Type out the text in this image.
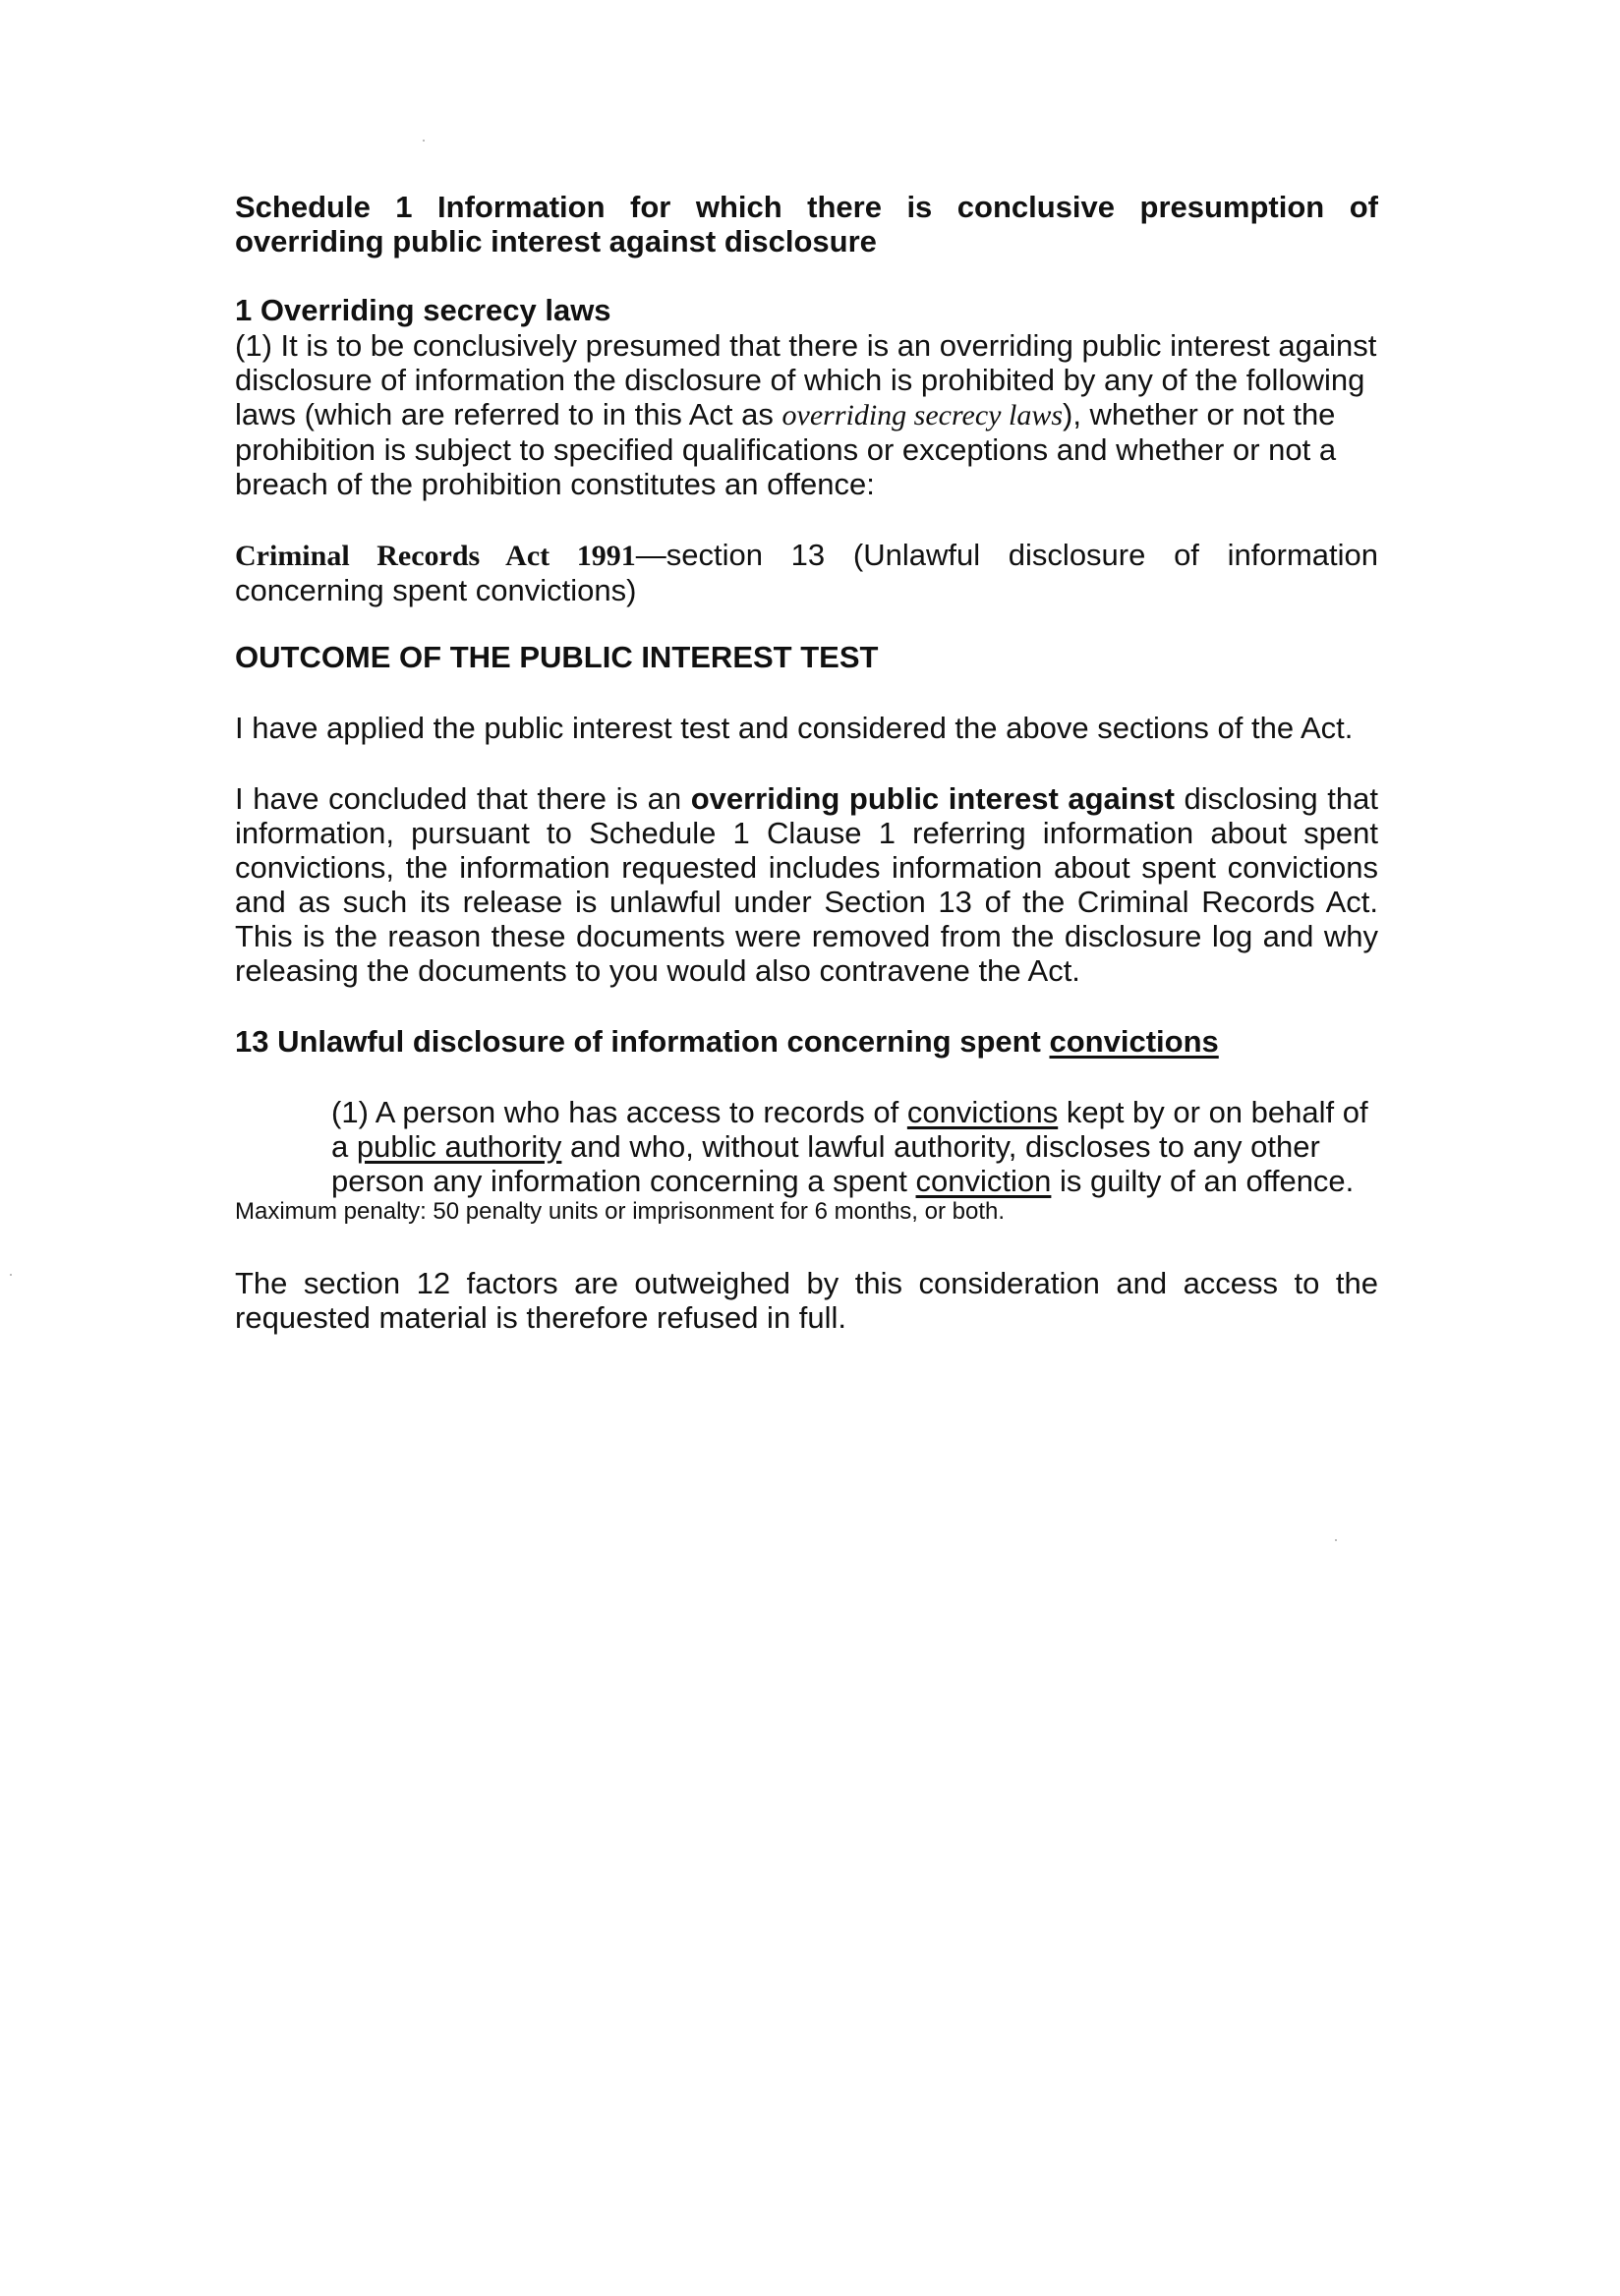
Schedule 1 Information for which there is conclusive presumption of

overriding public interest against disclosure

1 Overriding secrecy laws

(1) It is to be conclusively presumed that there is an overriding public interest against

disclosure of information the disclosure of which is prohibited by any of the following

laws (which are referred to in this Act as overriding secrecy laws), whether or not the

prohibition is subject to specified qualifications or exceptions and whether or not a

breach of the prohibition constitutes an offence:

Criminal Records Act 1991—section 13 (Unlawful disclosure of information

concerning spent convictions)

OUTCOME OF THE PUBLIC INTEREST TEST

I have applied the public interest test and considered the above sections of the Act.

I have concluded that there is an overriding public interest against disclosing that

information, pursuant to Schedule 1 Clause 1 referring information about spent

convictions, the information requested includes information about spent convictions

and as such its release is unlawful under Section 13 of the Criminal Records Act.

This is the reason these documents were removed from the disclosure log and why

releasing the documents to you would also contravene the Act.

13 Unlawful disclosure of information concerning spent convictions

(1) A person who has access to records of convictions kept by or on behalf of

a public authority and who, without lawful authority, discloses to any other

person any information concerning a spent conviction is guilty of an offence.

Maximum penalty: 50 penalty units or imprisonment for 6 months, or both.

The section 12 factors are outweighed by this consideration and access to the

requested material is therefore refused in full.
